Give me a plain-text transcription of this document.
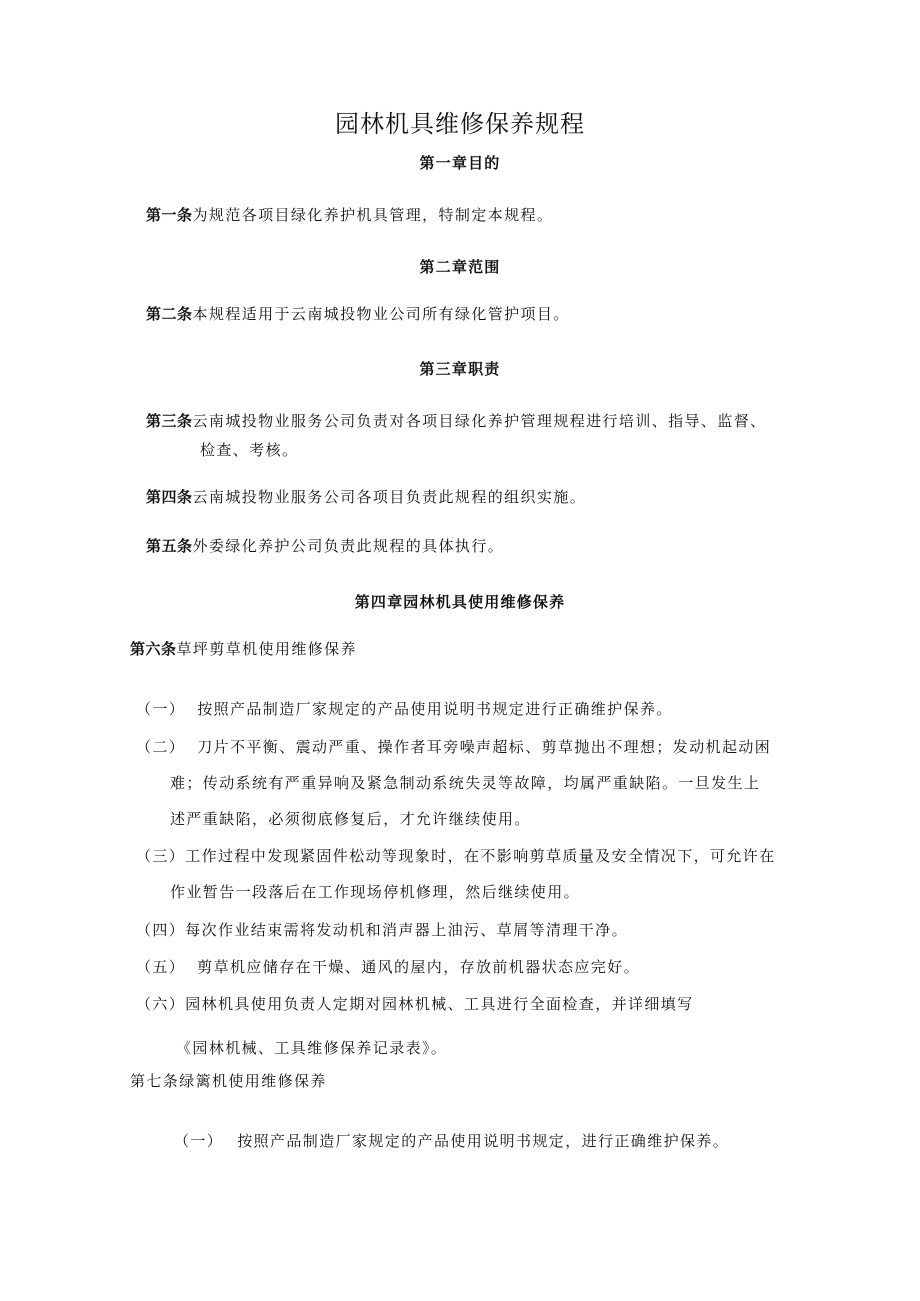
园林机具维修保养规程
第一章目的
第一条为规范各项目绿化养护机具管理，特制定本规程。
第二章范围
第二条本规程适用于云南城投物业公司所有绿化管护项目。
第三章职责
第三条云南城投物业服务公司负责对各项目绿化养护管理规程进行培训、指导、监督、
检查、考核。
第四条云南城投物业服务公司各项目负责此规程的组织实施。
第五条外委绿化养护公司负责此规程的具体执行。
第四章园林机具使用维修保养
第六条草坪剪草机使用维修保养
（一） 按照产品制造厂家规定的产品使用说明书规定进行正确维护保养。
（二） 刀片不平衡、震动严重、操作者耳旁噪声超标、剪草抛出不理想；发动机起动困
难；传动系统有严重异响及紧急制动系统失灵等故障，均属严重缺陷。一旦发生上
述严重缺陷，必须彻底修复后，才允许继续使用。
（三）工作过程中发现紧固件松动等现象时，在不影响剪草质量及安全情况下，可允许在
作业暂告一段落后在工作现场停机修理，然后继续使用。
（四）每次作业结束需将发动机和消声器上油污、草屑等清理干净。
（五） 剪草机应储存在干燥、通风的屋内，存放前机器状态应完好。
（六）园林机具使用负责人定期对园林机械、工具进行全面检查，并详细填写
《园林机械、工具维修保养记录表》。
第七条绿篱机使用维修保养
（一） 按照产品制造厂家规定的产品使用说明书规定，进行正确维护保养。
